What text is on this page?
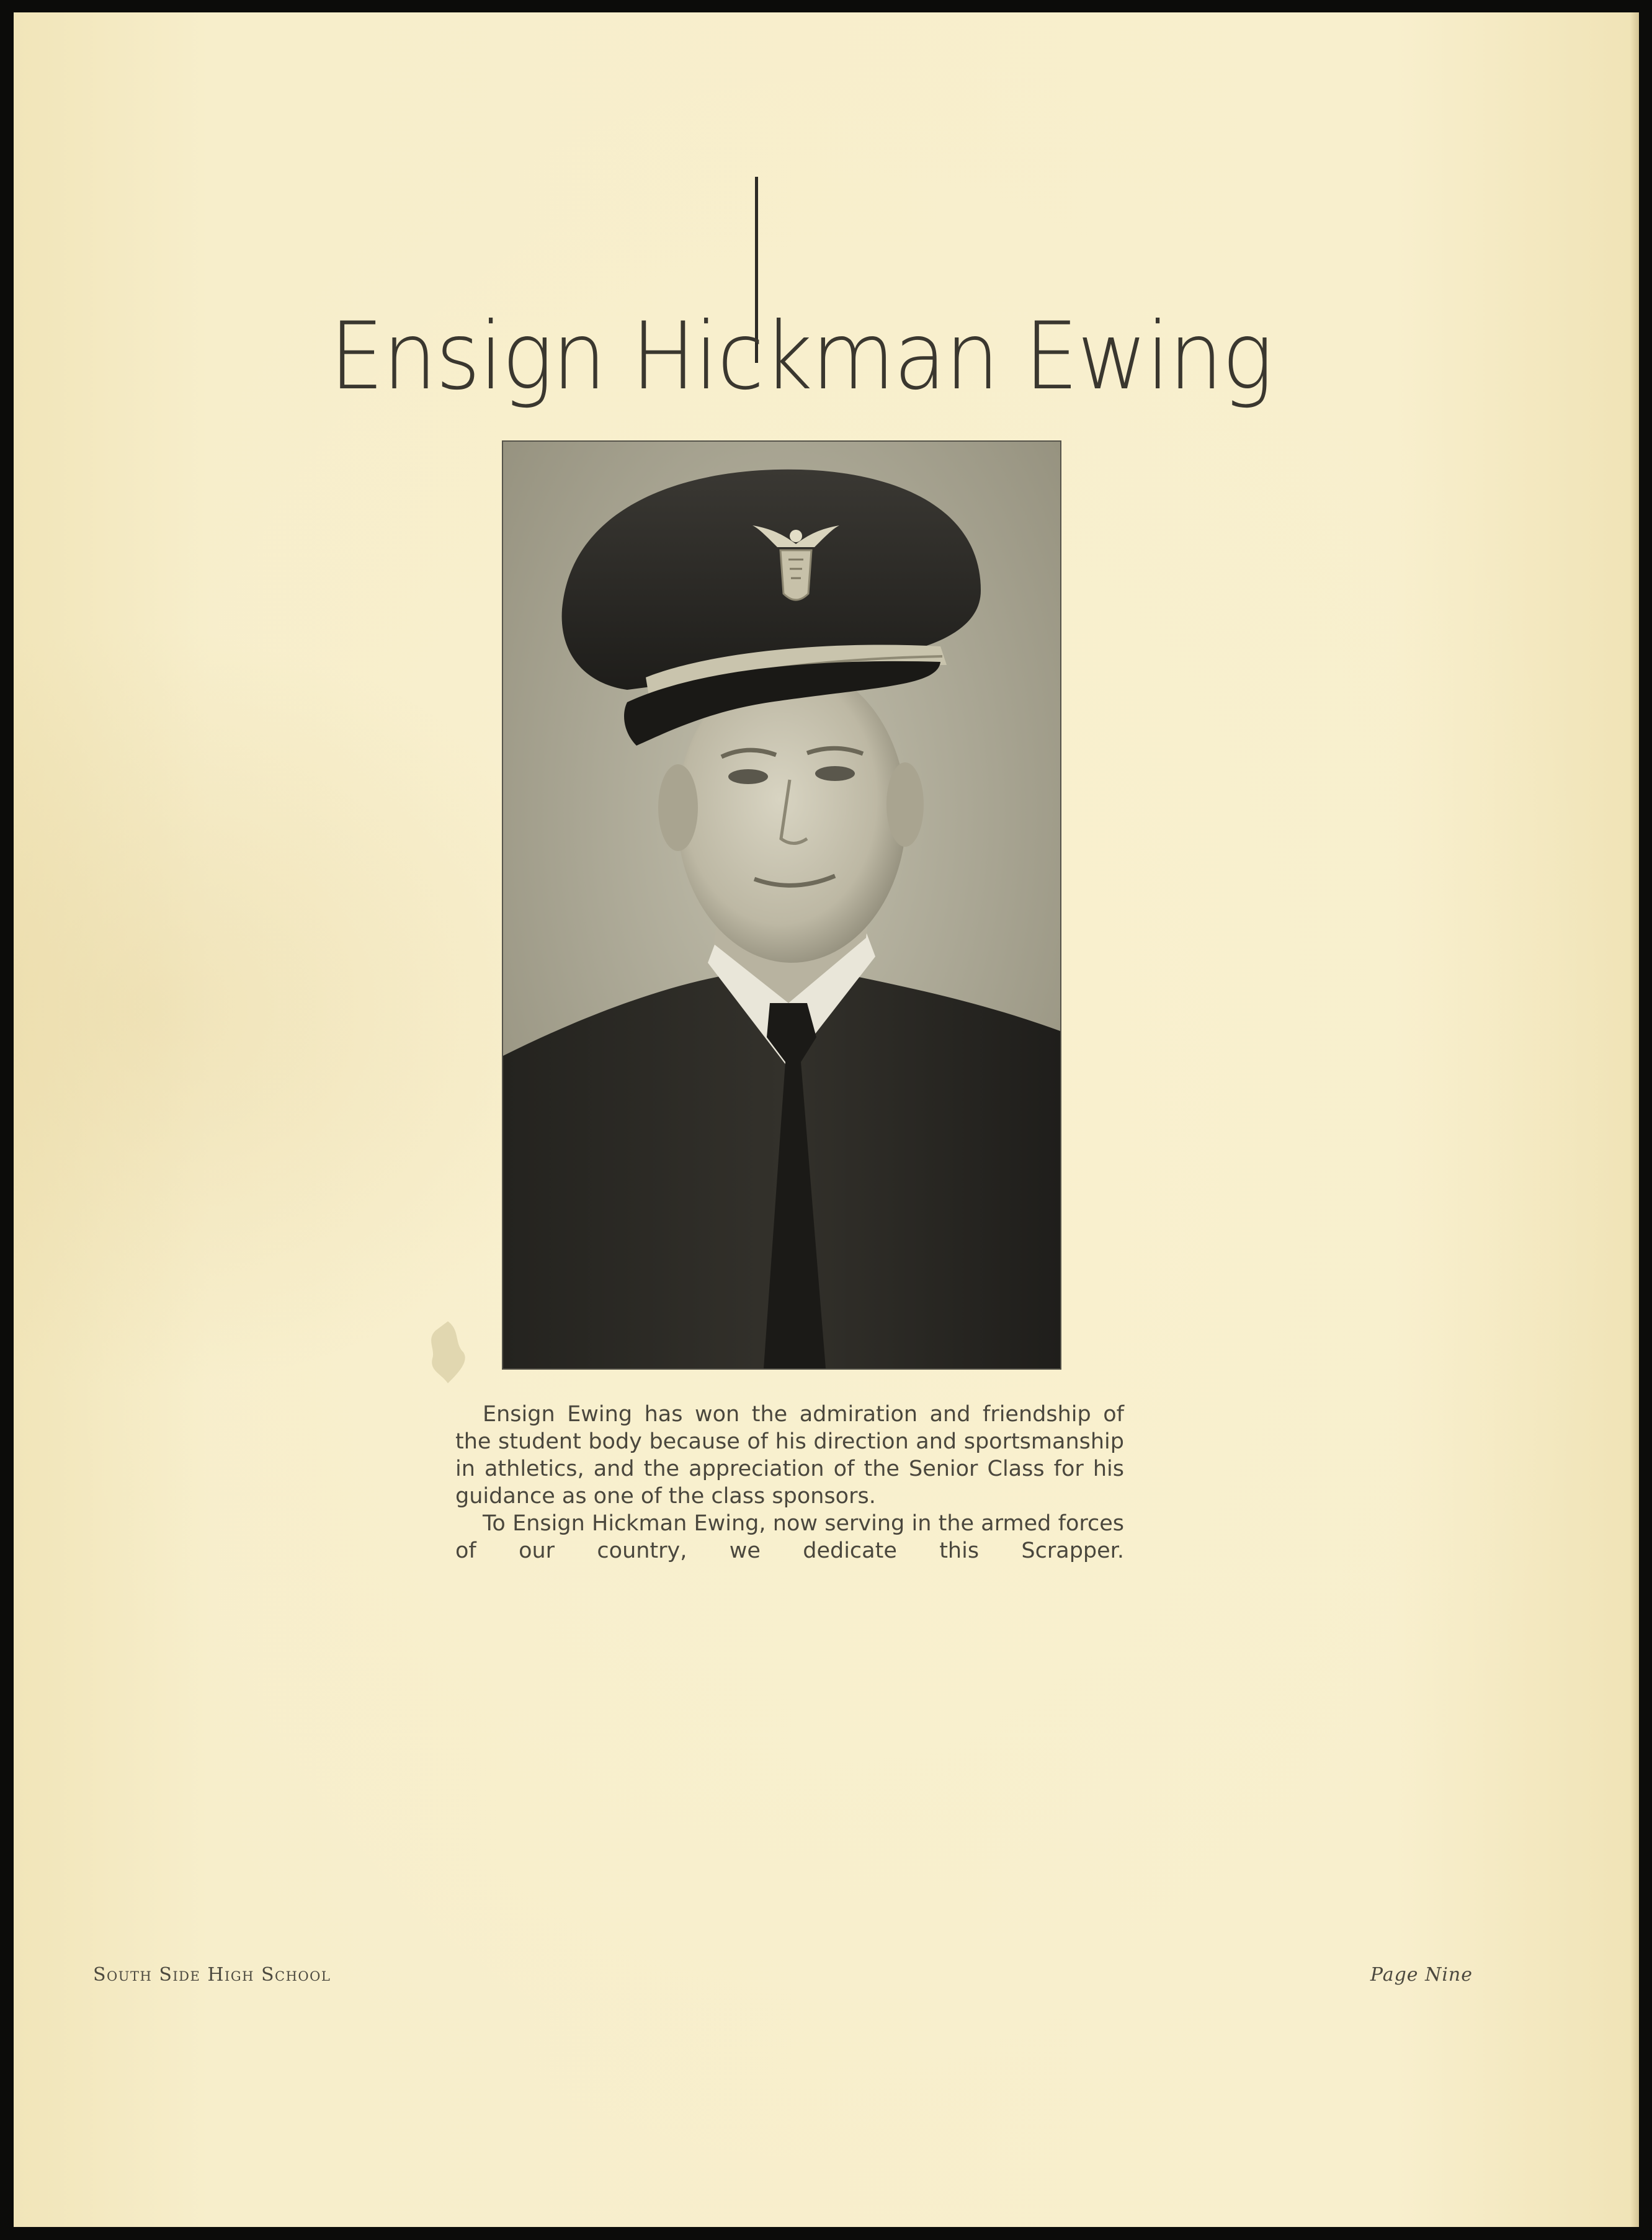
Ensign Hickman Ewing

Ensign Ewing has won the admiration and friendship of the student body because of his direction and sportsmanship in athletics, and the appreciation of the Senior Class for his guidance as one of the class sponsors.

To Ensign Hickman Ewing, now serving in the armed forces of our country, we dedicate this Scrapper.

South Side High School	Page Nine
